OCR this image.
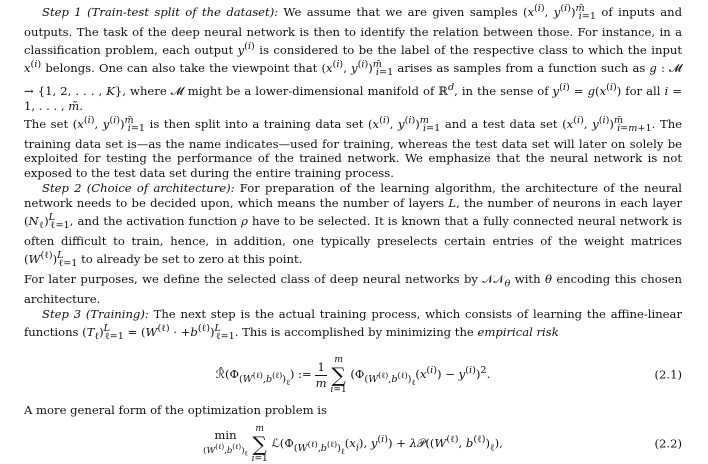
Step 1 (Train-test split of the dataset): We assume that we are given samples ($x^{(i)}$, $y^{(i)})^{m̃}_{i=1}$ of inputs and outputs. The task of the deep neural network is then to identify the relation between those. For instance, in a classification problem, each output $y^{(i)}$ is considered to be the label of the respective class to which the input $x^{(i)}$ belongs. One can also take the viewpoint that ($x^{(i)}$, $y^{(i)})^{m̃}_{i=1}$ arises as samples from a function such as g : 𝓜 → {1, 2, . . . , K}, where 𝓜 might be a lower-dimensional manifold of ℝ$^d$, in the sense of $y^{(i)} = g(x^{(i)})$ for all i = 1, . . . , m̃.

The set ($x^{(i)}$, $y^{(i)})^{m̃}_{i=1}$ is then split into a training data set ($x^{(i)}$, $y^{(i)})^m_{i=1}$ and a test data set ($x^{(i)}$, $y^{(i)})^{m̃}_{i=m+1}$. The training data set is—as the name indicates—used for training, whereas the test data set will later on solely be exploited for testing the performance of the trained network. We emphasize that the neural network is not exposed to the test data set during the entire training process.

Step 2 (Choice of architecture): For preparation of the learning algorithm, the architecture of the neural network needs to be decided upon, which means the number of layers L, the number of neurons in each layer $(N_\ell)^L_{\ell=1}$, and the activation function ρ have to be selected. It is known that a fully connected neural network is often difficult to train, hence, in addition, one typically preselects certain entries of the weight matrices $(W^{(\ell)})^L_{\ell=1}$ to already be set to zero at this point.

For later purposes, we define the selected class of deep neural networks by 𝒩𝒩$_\theta$ with θ encoding this chosen architecture.

Step 3 (Training): The next step is the actual training process, which consists of learning the affine-linear functions $(T_\ell)^L_{\ell=1} = (W^{(\ell)} \cdot +b^{(\ell)})^L_{\ell=1}$. This is accomplished by minimizing the empirical risk

$ℛ̂(\Phi_{(W^{(\ell)},b^{(\ell)})_\ell})$ := $\frac{1}{m}$
m
∑
i=1
$(\Phi_{(W^{(\ell)},b^{(\ell)})_\ell}(x^{(i)}) - y^{(i)})^2$.	(2.1)

A more general form of the optimization problem is

min
$(W^{(\ell)},b^{(\ell)})_\ell$

m
∑
i=1
$ℒ(\Phi_{(W^{(\ell)},b^{(\ell)})_\ell}(x_i)$, $y^{(i)}$) + $\lambda 𝒫((W^{(\ell)}$, $b^{(\ell)})_\ell$),	(2.2)
